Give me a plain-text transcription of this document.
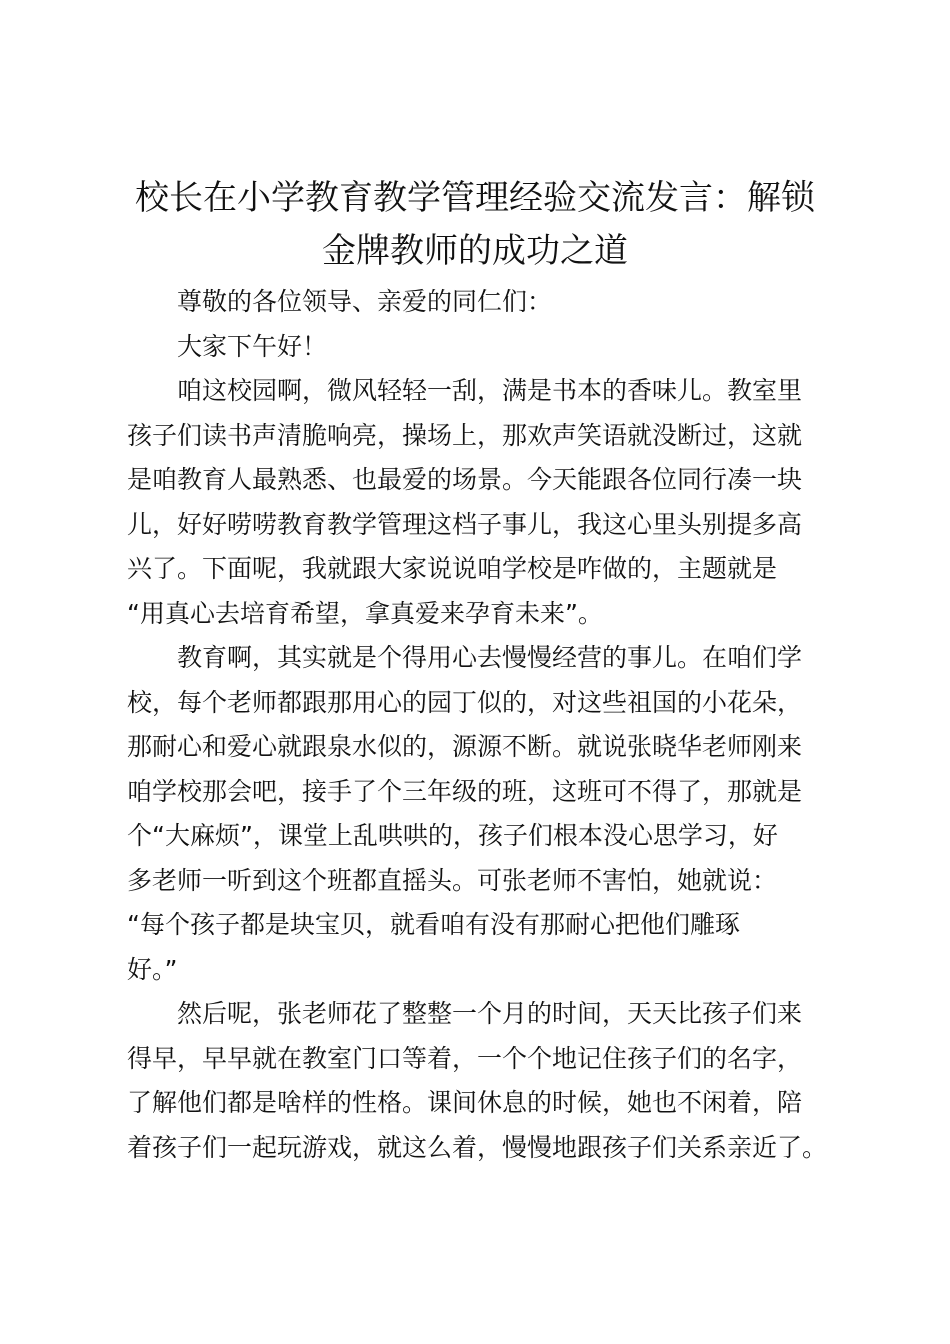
校长在小学教育教学管理经验交流发言：解锁
金牌教师的成功之道

尊敬的各位领导、亲爱的同仁们：

大家下午好！

咱这校园啊，微风轻轻一刮，满是书本的香味儿。教室里
孩子们读书声清脆响亮，操场上，那欢声笑语就没断过，这就
是咱教育人最熟悉、也最爱的场景。今天能跟各位同行凑一块
儿，好好唠唠教育教学管理这档子事儿，我这心里头别提多高
兴了。下面呢，我就跟大家说说咱学校是咋做的，主题就是
“用真心去培育希望，拿真爱来孕育未来”。

教育啊，其实就是个得用心去慢慢经营的事儿。在咱们学
校，每个老师都跟那用心的园丁似的，对这些祖国的小花朵，
那耐心和爱心就跟泉水似的，源源不断。就说张晓华老师刚来
咱学校那会吧，接手了个三年级的班，这班可不得了，那就是
个“大麻烦”，课堂上乱哄哄的，孩子们根本没心思学习，好
多老师一听到这个班都直摇头。可张老师不害怕，她就说：
“每个孩子都是块宝贝，就看咱有没有那耐心把他们雕琢
好。”

然后呢，张老师花了整整一个月的时间，天天比孩子们来
得早，早早就在教室门口等着，一个个地记住孩子们的名字，
了解他们都是啥样的性格。课间休息的时候，她也不闲着，陪
着孩子们一起玩游戏，就这么着，慢慢地跟孩子们关系亲近了。
